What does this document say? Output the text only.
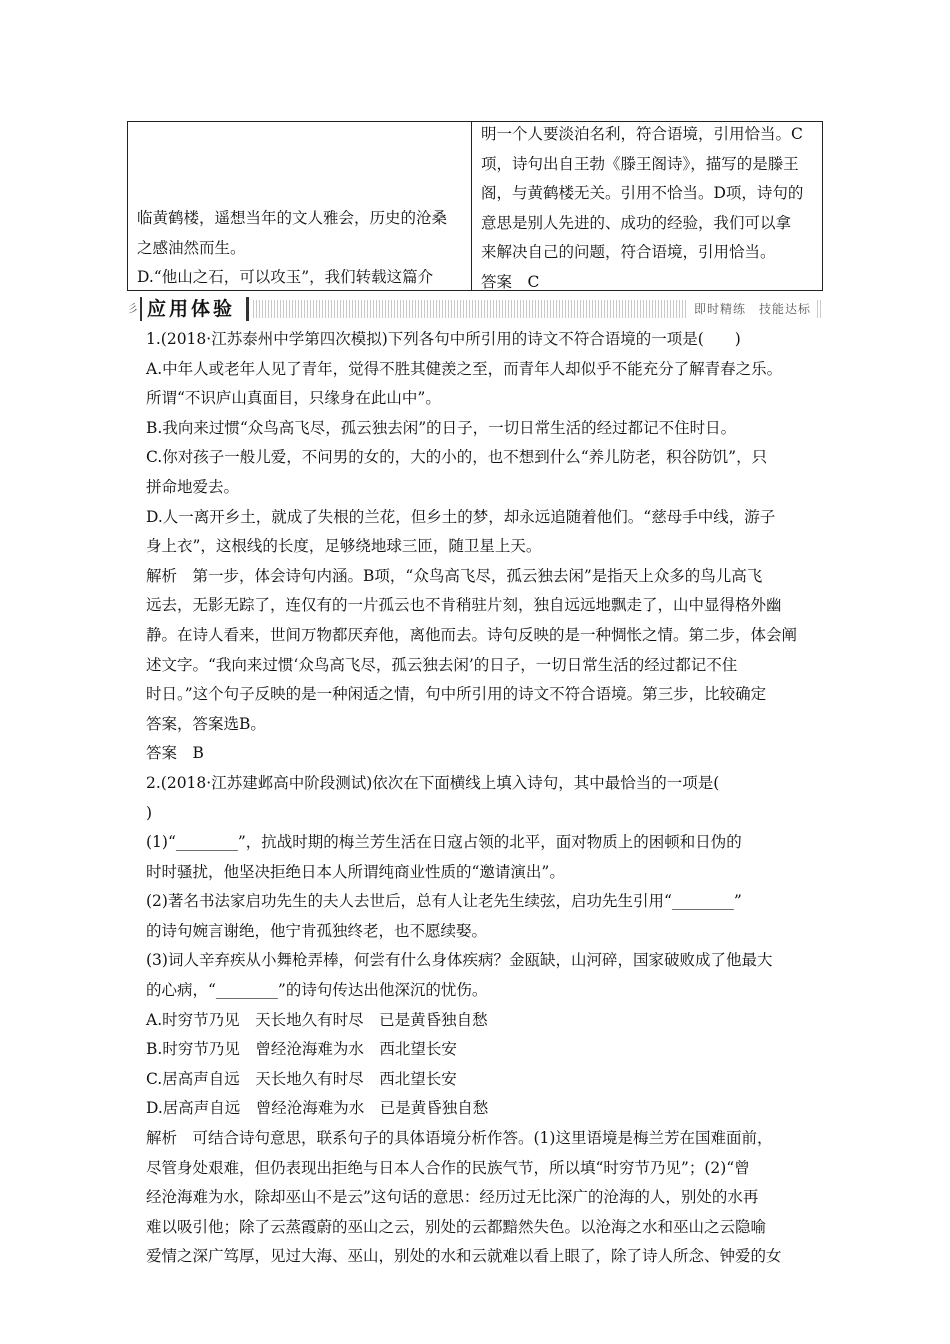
临黄鹤楼，遥想当年的文人雅会，历史的沧桑

之感油然而生。

D.“他山之石，可以攻玉”，我们转载这篇介

明一个人要淡泊名利，符合语境，引用恰当。C

项，诗句出自王勃《滕王阁诗》，描写的是滕王

阁，与黄鹤楼无关。引用不恰当。D项，诗句的

意思是别人先进的、成功的经验，我们可以拿

来解决自己的问题，符合语境，引用恰当。

答案　C

彡 应用体验	即时精练　技能达标

1.(2018·江苏泰州中学第四次模拟)下列各句中所引用的诗文不符合语境的一项是(　　)

A.中年人或老年人见了青年，觉得不胜其健羡之至，而青年人却似乎不能充分了解青春之乐。

所谓“不识庐山真面目，只缘身在此山中”。

B.我向来过惯“众鸟高飞尽，孤云独去闲”的日子，一切日常生活的经过都记不住时日。

C.你对孩子一般儿爱，不问男的女的，大的小的，也不想到什么“养儿防老，积谷防饥”，只

拼命地爱去。

D.人一离开乡土，就成了失根的兰花，但乡土的梦，却永远追随着他们。“慈母手中线，游子

身上衣”，这根线的长度，足够绕地球三匝，随卫星上天。

解析　第一步，体会诗句内涵。B项，“众鸟高飞尽，孤云独去闲”是指天上众多的鸟儿高飞

远去，无影无踪了，连仅有的一片孤云也不肯稍驻片刻，独自远远地飘走了，山中显得格外幽

静。在诗人看来，世间万物都厌弃他，离他而去。诗句反映的是一种惆怅之情。第二步，体会阐

述文字。“我向来过惯‘众鸟高飞尽，孤云独去闲’的日子，一切日常生活的经过都记不住

时日。”这个句子反映的是一种闲适之情，句中所引用的诗文不符合语境。第三步，比较确定

答案，答案选B。

答案　B

2.(2018·江苏建邺高中阶段测试)依次在下面横线上填入诗句，其中最恰当的一项是(

)

(1)“________”，抗战时期的梅兰芳生活在日寇占领的北平，面对物质上的困顿和日伪的

时时骚扰，他坚决拒绝日本人所谓纯商业性质的“邀请演出”。

(2)著名书法家启功先生的夫人去世后，总有人让老先生续弦，启功先生引用“________”

的诗句婉言谢绝，他宁肯孤独终老，也不愿续娶。

(3)词人辛弃疾从小舞枪弄棒，何尝有什么身体疾病？金瓯缺，山河碎，国家破败成了他最大

的心病，“________”的诗句传达出他深沉的忧伤。

A.时穷节乃见　天长地久有时尽　已是黄昏独自愁

B.时穷节乃见　曾经沧海难为水　西北望长安

C.居高声自远　天长地久有时尽　西北望长安

D.居高声自远　曾经沧海难为水　已是黄昏独自愁

解析　可结合诗句意思，联系句子的具体语境分析作答。(1)这里语境是梅兰芳在国难面前，

尽管身处艰难，但仍表现出拒绝与日本人合作的民族气节，所以填“时穷节乃见”；(2)“曾

经沧海难为水，除却巫山不是云”这句话的意思：经历过无比深广的沧海的人，别处的水再

难以吸引他；除了云蒸霞蔚的巫山之云，别处的云都黯然失色。以沧海之水和巫山之云隐喻

爱情之深广笃厚，见过大海、巫山，别处的水和云就难以看上眼了，除了诗人所念、钟爱的女
